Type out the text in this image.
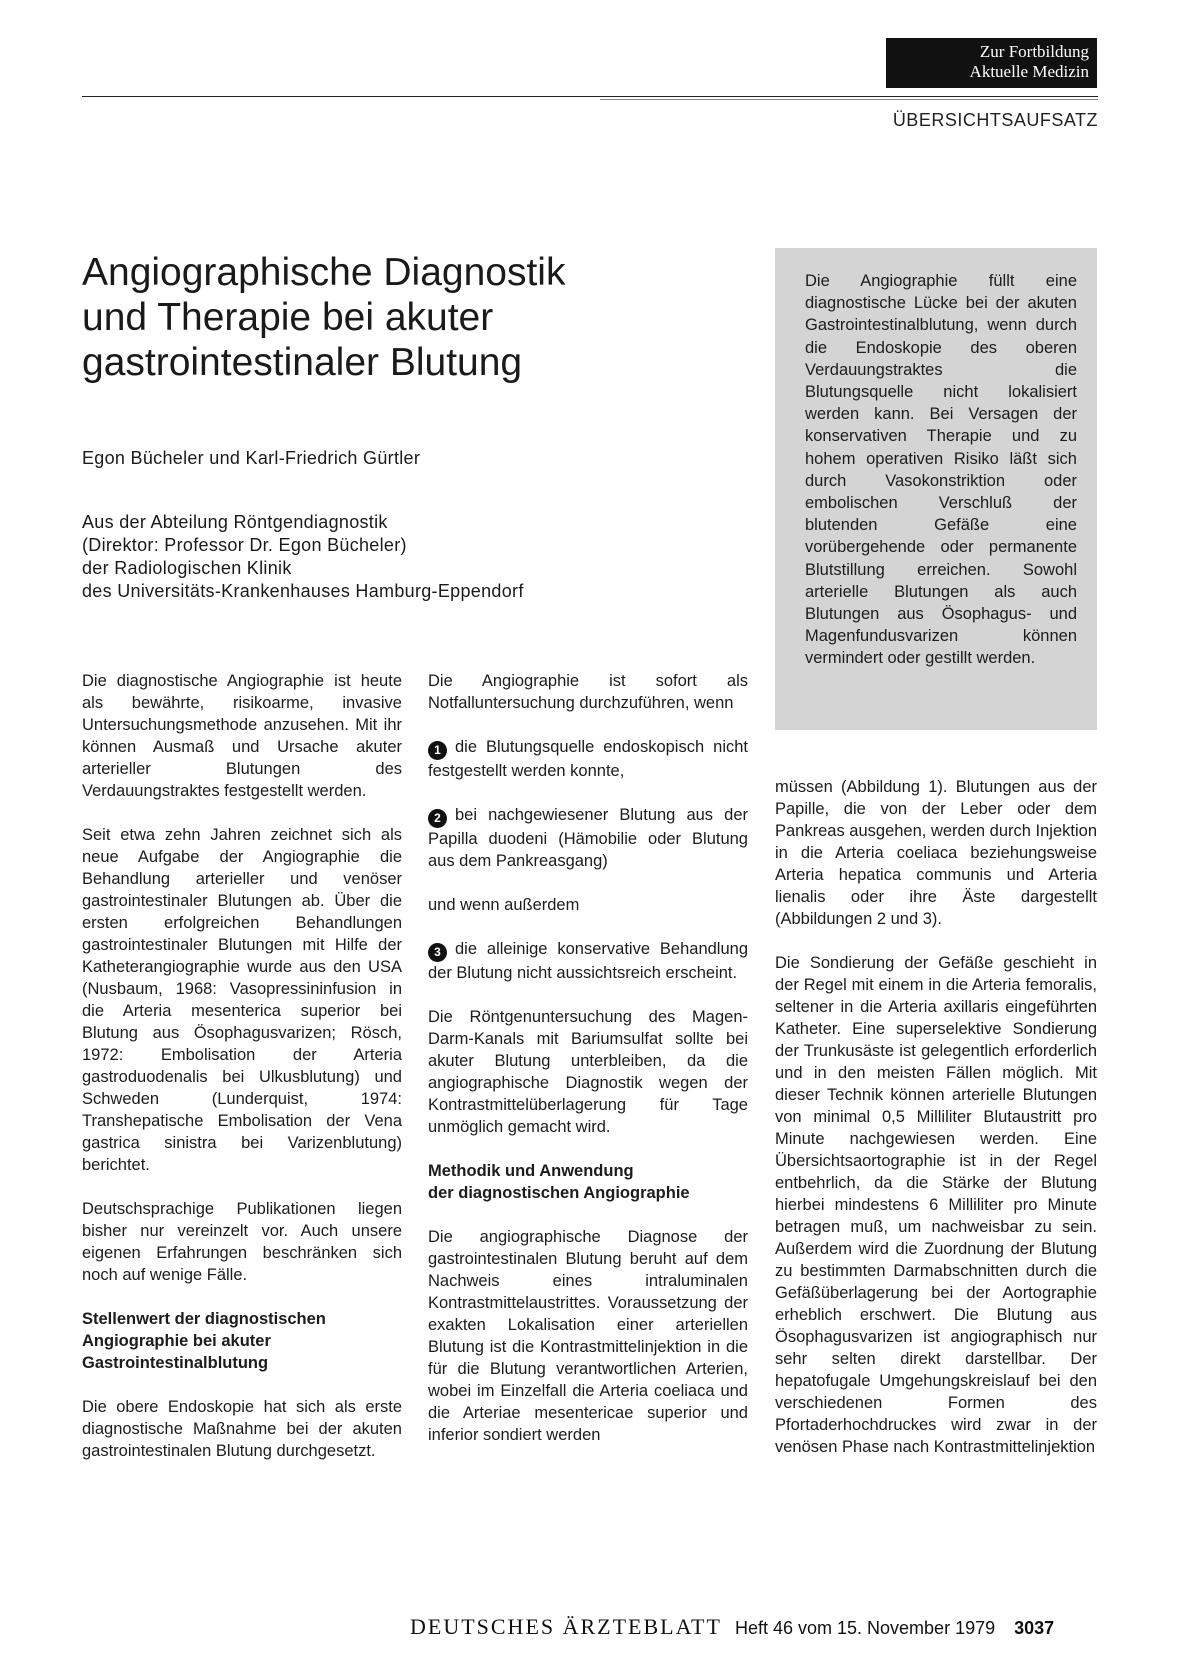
Zur Fortbildung
Aktuelle Medizin
ÜBERSICHTSAUFSATZ
Angiographische Diagnostik
und Therapie bei akuter
gastrointestinaler Blutung
Egon Bücheler und Karl-Friedrich Gürtler
Aus der Abteilung Röntgendiagnostik
(Direktor: Professor Dr. Egon Bücheler)
der Radiologischen Klinik
des Universitäts-Krankenhauses Hamburg-Eppendorf

Die Angiographie füllt eine diagnostische Lücke bei der akuten Gastrointestinalblutung, wenn durch die Endoskopie des oberen Verdauungstraktes die Blutungsquelle nicht lokalisiert werden kann. Bei Versagen der konservativen Therapie und zu hohem operativen Risiko läßt sich durch Vasokonstriktion oder embolischen Verschluß der blutenden Gefäße eine vorübergehende oder permanente Blutstillung erreichen. Sowohl arterielle Blutungen als auch Blutungen aus Ösophagus- und Magenfundusvarizen können vermindert oder gestillt werden.

Die diagnostische Angiographie ist heute als bewährte, risikoarme, invasive Untersuchungsmethode anzusehen. Mit ihr können Ausmaß und Ursache akuter arterieller Blutungen des Verdauungstraktes festgestellt werden.

Seit etwa zehn Jahren zeichnet sich als neue Aufgabe der Angiographie die Behandlung arterieller und venöser gastrointestinaler Blutungen ab. Über die ersten erfolgreichen Behandlungen gastrointestinaler Blutungen mit Hilfe der Katheterangiographie wurde aus den USA (Nusbaum, 1968: Vasopressininfusion in die Arteria mesenterica superior bei Blutung aus Ösophagusvarizen; Rösch, 1972: Embolisation der Arteria gastroduodenalis bei Ulkusblutung) und Schweden (Lunderquist, 1974: Transhepatische Embolisation der Vena gastrica sinistra bei Varizenblutung) berichtet.

Deutschsprachige Publikationen liegen bisher nur vereinzelt vor. Auch unsere eigenen Erfahrungen beschränken sich noch auf wenige Fälle.

Stellenwert der diagnostischen
Angiographie bei akuter
Gastrointestinalblutung

Die obere Endoskopie hat sich als erste diagnostische Maßnahme bei der akuten gastrointestinalen Blutung durchgesetzt.

Die Angiographie ist sofort als Notfalluntersuchung durchzuführen, wenn

1 die Blutungsquelle endoskopisch nicht festgestellt werden konnte,

2 bei nachgewiesener Blutung aus der Papilla duodeni (Hämobilie oder Blutung aus dem Pankreasgang)

und wenn außerdem

3 die alleinige konservative Behandlung der Blutung nicht aussichtsreich erscheint.

Die Röntgenuntersuchung des Magen-Darm-Kanals mit Bariumsulfat sollte bei akuter Blutung unterbleiben, da die angiographische Diagnostik wegen der Kontrastmittelüberlagerung für Tage unmöglich gemacht wird.

Methodik und Anwendung
der diagnostischen Angiographie

Die angiographische Diagnose der gastrointestinalen Blutung beruht auf dem Nachweis eines intraluminalen Kontrastmittelaustrittes. Voraussetzung der exakten Lokalisation einer arteriellen Blutung ist die Kontrastmittelinjektion in die für die Blutung verantwortlichen Arterien, wobei im Einzelfall die Arteria coeliaca und die Arteriae mesentericae superior und inferior sondiert werden

müssen (Abbildung 1). Blutungen aus der Papille, die von der Leber oder dem Pankreas ausgehen, werden durch Injektion in die Arteria coeliaca beziehungsweise Arteria hepatica communis und Arteria lienalis oder ihre Äste dargestellt (Abbildungen 2 und 3).

Die Sondierung der Gefäße geschieht in der Regel mit einem in die Arteria femoralis, seltener in die Arteria axillaris eingeführten Katheter. Eine superselektive Sondierung der Trunkusäste ist gelegentlich erforderlich und in den meisten Fällen möglich. Mit dieser Technik können arterielle Blutungen von minimal 0,5 Milliliter Blutaustritt pro Minute nachgewiesen werden. Eine Übersichtsaortographie ist in der Regel entbehrlich, da die Stärke der Blutung hierbei mindestens 6 Milliliter pro Minute betragen muß, um nachweisbar zu sein. Außerdem wird die Zuordnung der Blutung zu bestimmten Darmabschnitten durch die Gefäßüberlagerung bei der Aortographie erheblich erschwert. Die Blutung aus Ösophagusvarizen ist angiographisch nur sehr selten direkt darstellbar. Der hepatofugale Umgehungskreislauf bei den verschiedenen Formen des Pfortaderhochdruckes wird zwar in der venösen Phase nach Kontrastmittelinjektion

DEUTSCHES ÄRZTEBLATT Heft 46 vom 15. November 1979 3037
